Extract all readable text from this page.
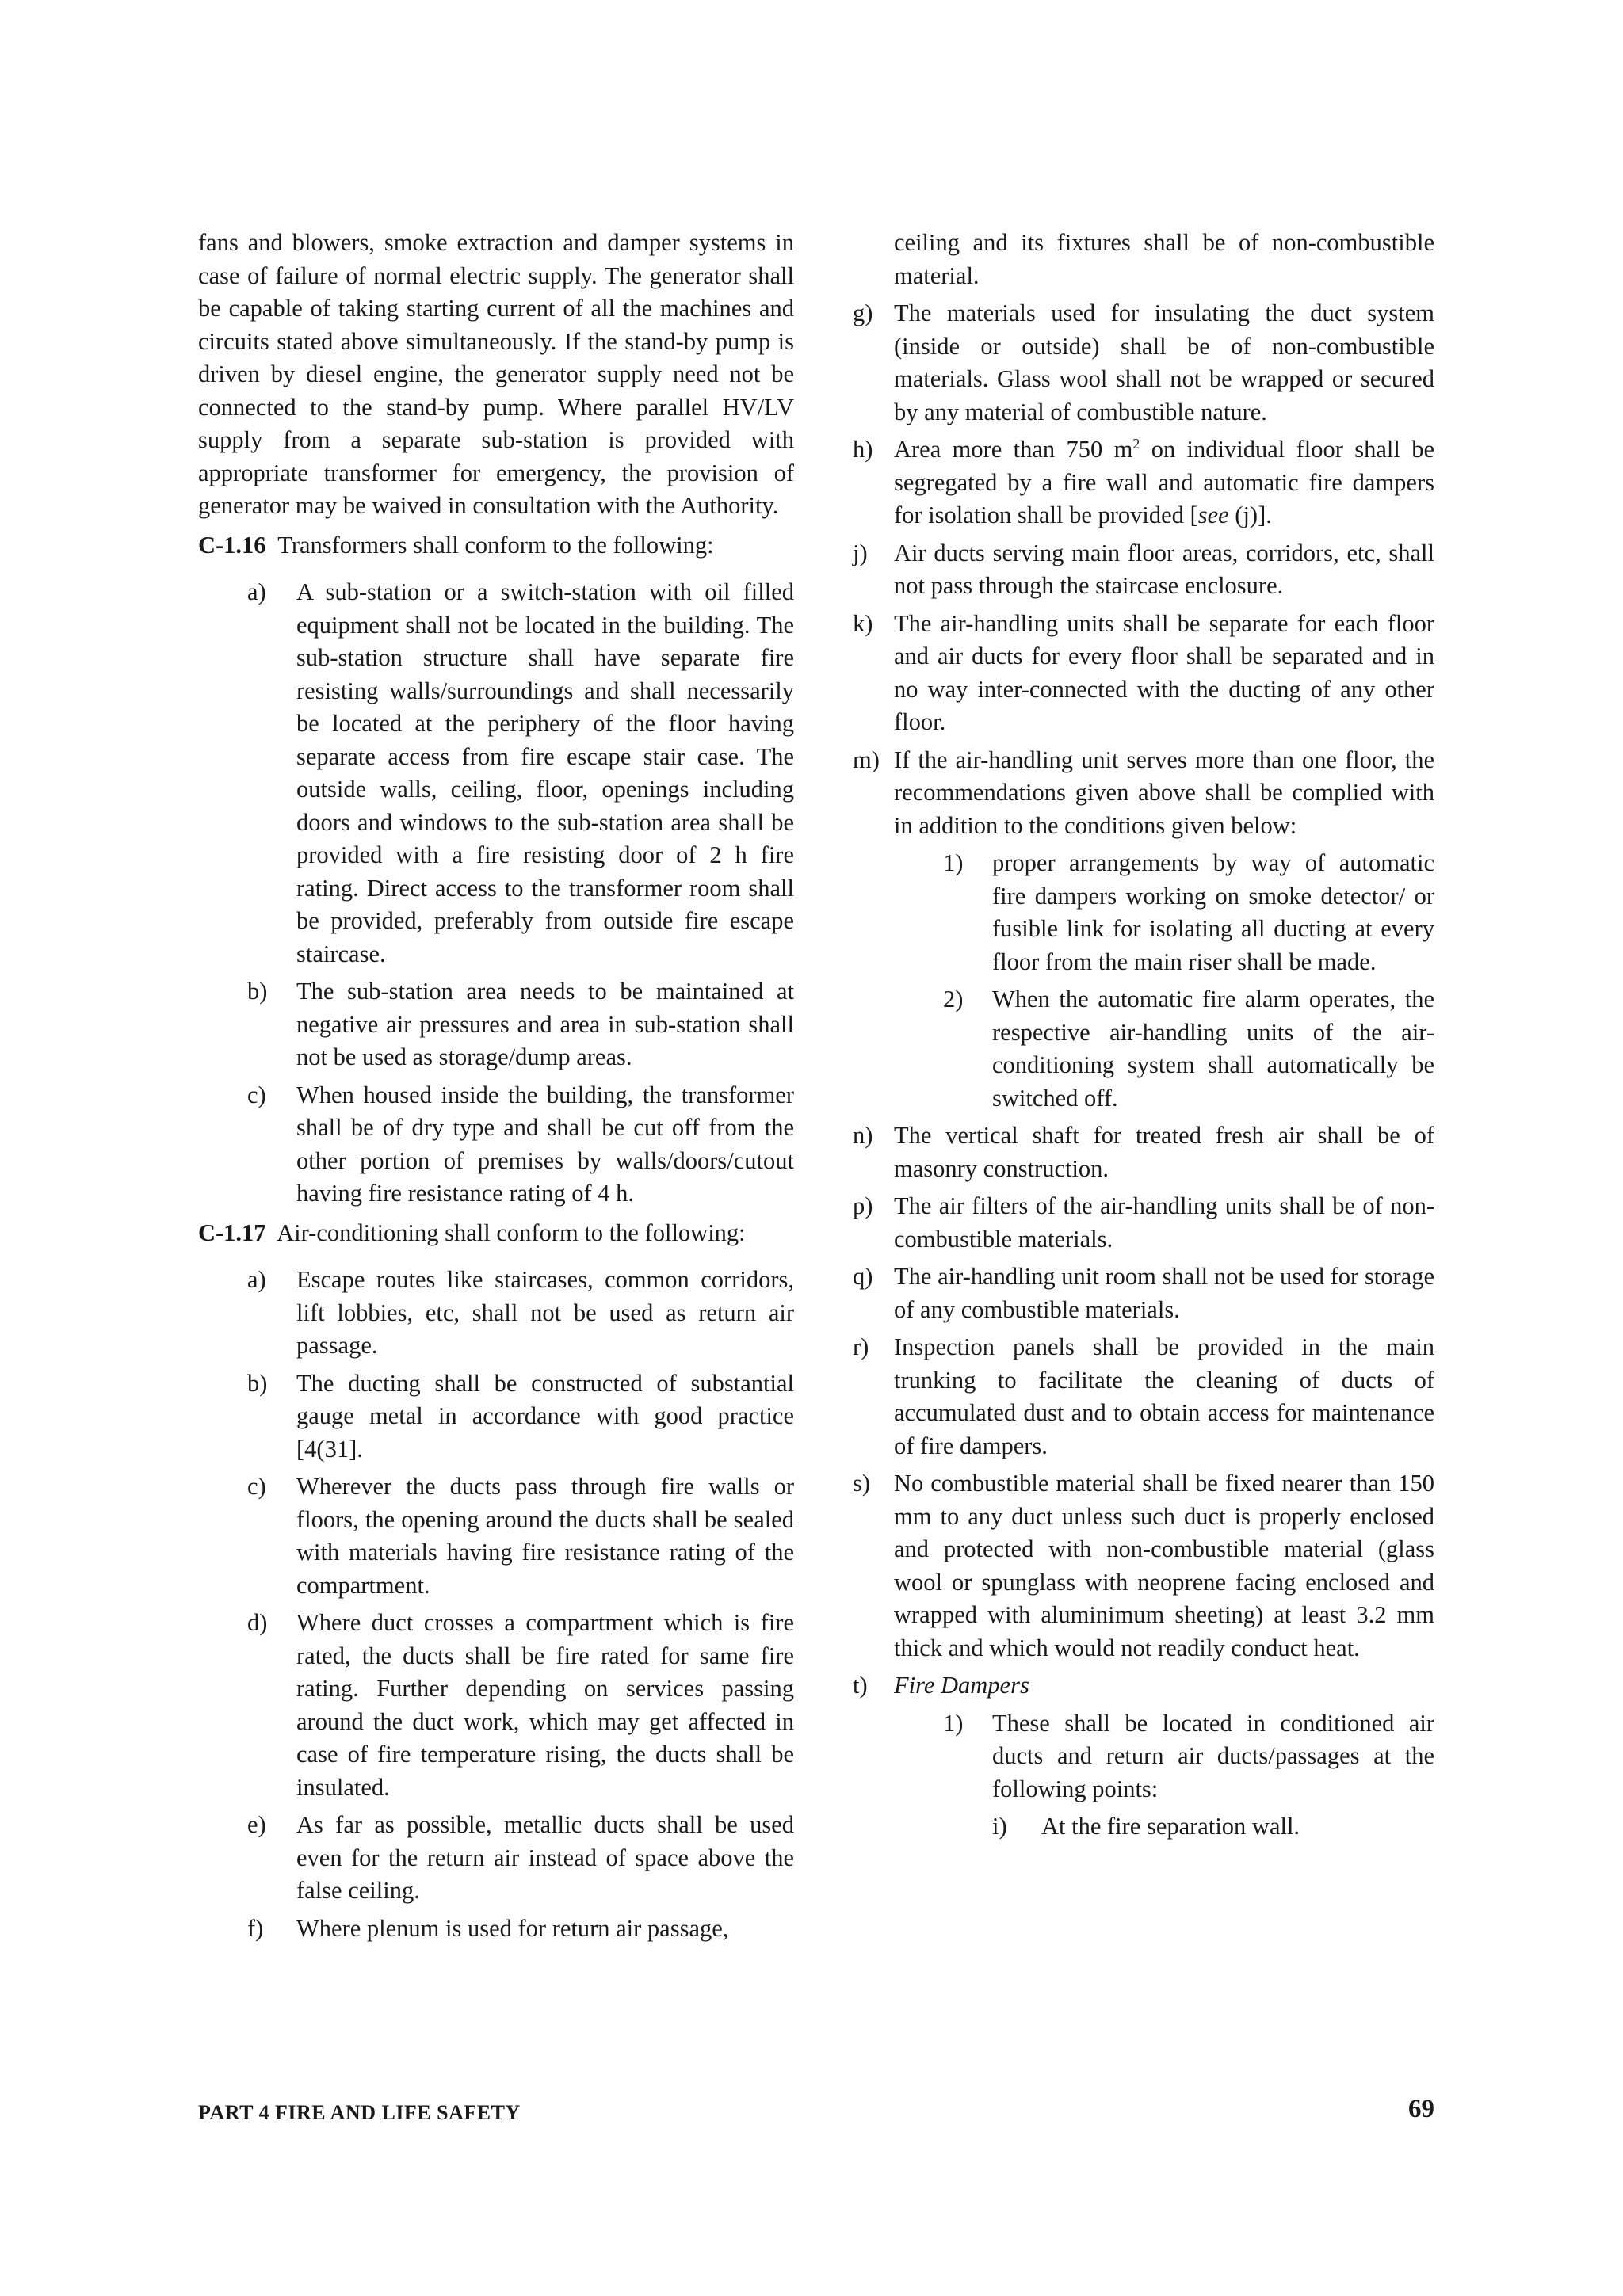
fans and blowers, smoke extraction and damper systems in case of failure of normal electric supply. The generator shall be capable of taking starting current of all the machines and circuits stated above simultaneously. If the stand-by pump is driven by diesel engine, the generator supply need not be connected to the stand-by pump. Where parallel HV/LV supply from a separate sub-station is provided with appropriate transformer for emergency, the provision of generator may be waived in consultation with the Authority.

C-1.16 Transformers shall conform to the following:

a)	A sub-station or a switch-station with oil filled equipment shall not be located in the building. The sub-station structure shall have separate fire resisting walls/surroundings and shall necessarily be located at the periphery of the floor having separate access from fire escape stair case. The outside walls, ceiling, floor, openings including doors and windows to the sub-station area shall be provided with a fire resisting door of 2 h fire rating. Direct access to the transformer room shall be provided, preferably from outside fire escape staircase.
b)	The sub-station area needs to be maintained at negative air pressures and area in sub-station shall not be used as storage/dump areas.
c)	When housed inside the building, the transformer shall be of dry type and shall be cut off from the other portion of premises by walls/doors/cutout having fire resistance rating of 4 h.

C-1.17 Air-conditioning shall conform to the following:

a)	Escape routes like staircases, common corridors, lift lobbies, etc, shall not be used as return air passage.
b)	The ducting shall be constructed of substantial gauge metal in accordance with good practice [4(31].
c)	Wherever the ducts pass through fire walls or floors, the opening around the ducts shall be sealed with materials having fire resistance rating of the compartment.
d)	Where duct crosses a compartment which is fire rated, the ducts shall be fire rated for same fire rating. Further depending on services passing around the duct work, which may get affected in case of fire temperature rising, the ducts shall be insulated.
e)	As far as possible, metallic ducts shall be used even for the return air instead of space above the false ceiling.
f)	Where plenum is used for return air passage,

ceiling and its fixtures shall be of non-combustible material.

g) The materials used for insulating the duct system (inside or outside) shall be of non-combustible materials. Glass wool shall not be wrapped or secured by any material of combustible nature.
h) Area more than 750 $m^2$ on individual floor shall be segregated by a fire wall and automatic fire dampers for isolation shall be provided [see (j)].
j)	Air ducts serving main floor areas, corridors, etc, shall not pass through the staircase enclosure.
k) The air-handling units shall be separate for each floor and air ducts for every floor shall be separated and in no way inter-connected with the ducting of any other floor.
m) If the air-handling unit serves more than one floor, the recommendations given above shall be complied with in addition to the conditions given below:
1)	proper arrangements by way of automatic fire dampers working on smoke detector/ or fusible link for isolating all ducting at every floor from the main riser shall be made.
2)	When the automatic fire alarm operates, the respective air-handling units of the air-conditioning system shall automatically be switched off.
n) The vertical shaft for treated fresh air shall be of masonry construction.
p) The air filters of the air-handling units shall be of non-combustible materials.
q) The air-handling unit room shall not be used for storage of any combustible materials.
r)	Inspection panels shall be provided in the main trunking to facilitate the cleaning of ducts of accumulated dust and to obtain access for maintenance of fire dampers.
s) No combustible material shall be fixed nearer than 150 mm to any duct unless such duct is properly enclosed and protected with non-combustible material (glass wool or spunglass with neoprene facing enclosed and wrapped with aluminimum sheeting) at least 3.2 mm thick and which would not readily conduct heat.
t)	Fire Dampers
1)	These shall be located in conditioned air ducts and return air ducts/passages at the following points:
i)	At the fire separation wall.
PART 4 FIRE AND LIFE SAFETY	69
